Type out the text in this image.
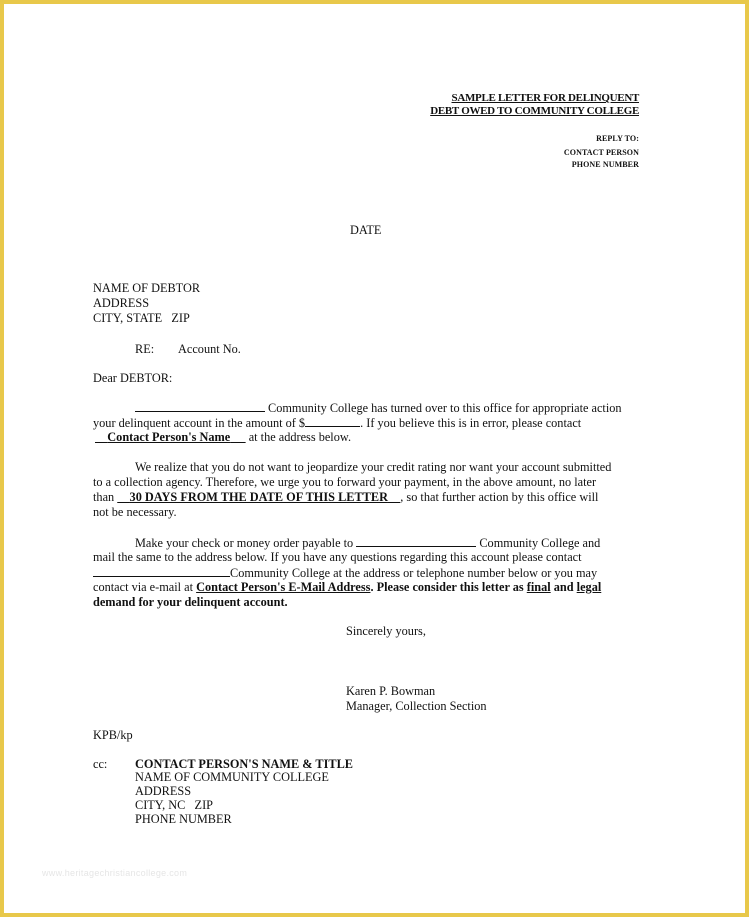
SAMPLE LETTER FOR DELINQUENT
DEBT OWED TO COMMUNITY COLLEGE
REPLY TO:
CONTACT PERSON
PHONE NUMBER
DATE
NAME OF DEBTOR
ADDRESS
CITY, STATE   ZIP
RE: Account No.
Dear DEBTOR:
Community College has turned over to this office for appropriate action
your delinquent account in the amount of $	. If you believe this is in error, please contact
Contact Person's Name at the address below.
We realize that you do not want to jeopardize your credit rating nor want your account submitted
to a collection agency. Therefore, we urge you to forward your payment, in the above amount, no later
than 30 DAYS FROM THE DATE OF THIS LETTER , so that further action by this office will
not be necessary.
Make your check or money order payable to	Community College and
mail the same to the address below. If you have any questions regarding this account please contact
Community College at the address or telephone number below or you may
contact via e-mail at Contact Person's E-Mail Address. Please consider this letter as final and legal
demand for your delinquent account.
Sincerely yours,
Karen P. Bowman
Manager, Collection Section
KPB/kp
cc: CONTACT PERSON'S NAME & TITLE
NAME OF COMMUNITY COLLEGE
ADDRESS
CITY, NC   ZIP
PHONE NUMBER
www.heritagechristiancollege.com
